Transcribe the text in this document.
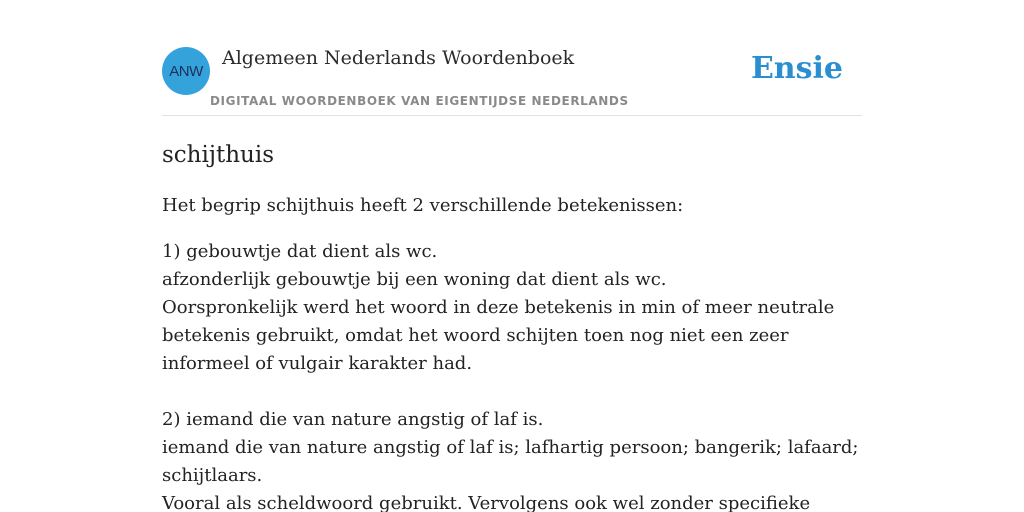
ANW
Algemeen Nederlands Woordenboek
DIGITAAL WOORDENBOEK VAN EIGENTIJDSE NEDERLANDS
Ensie
schijthuis

Het begrip schijthuis heeft 2 verschillende betekenissen:

1) gebouwtje dat dient als wc.
afzonderlijk gebouwtje bij een woning dat dient als wc.
Oorspronkelijk werd het woord in deze betekenis in min of meer neutrale betekenis gebruikt, omdat het woord schijten toen nog niet een zeer informeel of vulgair karakter had.
2) iemand die van nature angstig of laf is.
iemand die van nature angstig of laf is; lafhartig persoon; bangerik; lafaard; schijtlaars.
Vooral als scheldwoord gebruikt. Vervolgens ook wel zonder specifieke
